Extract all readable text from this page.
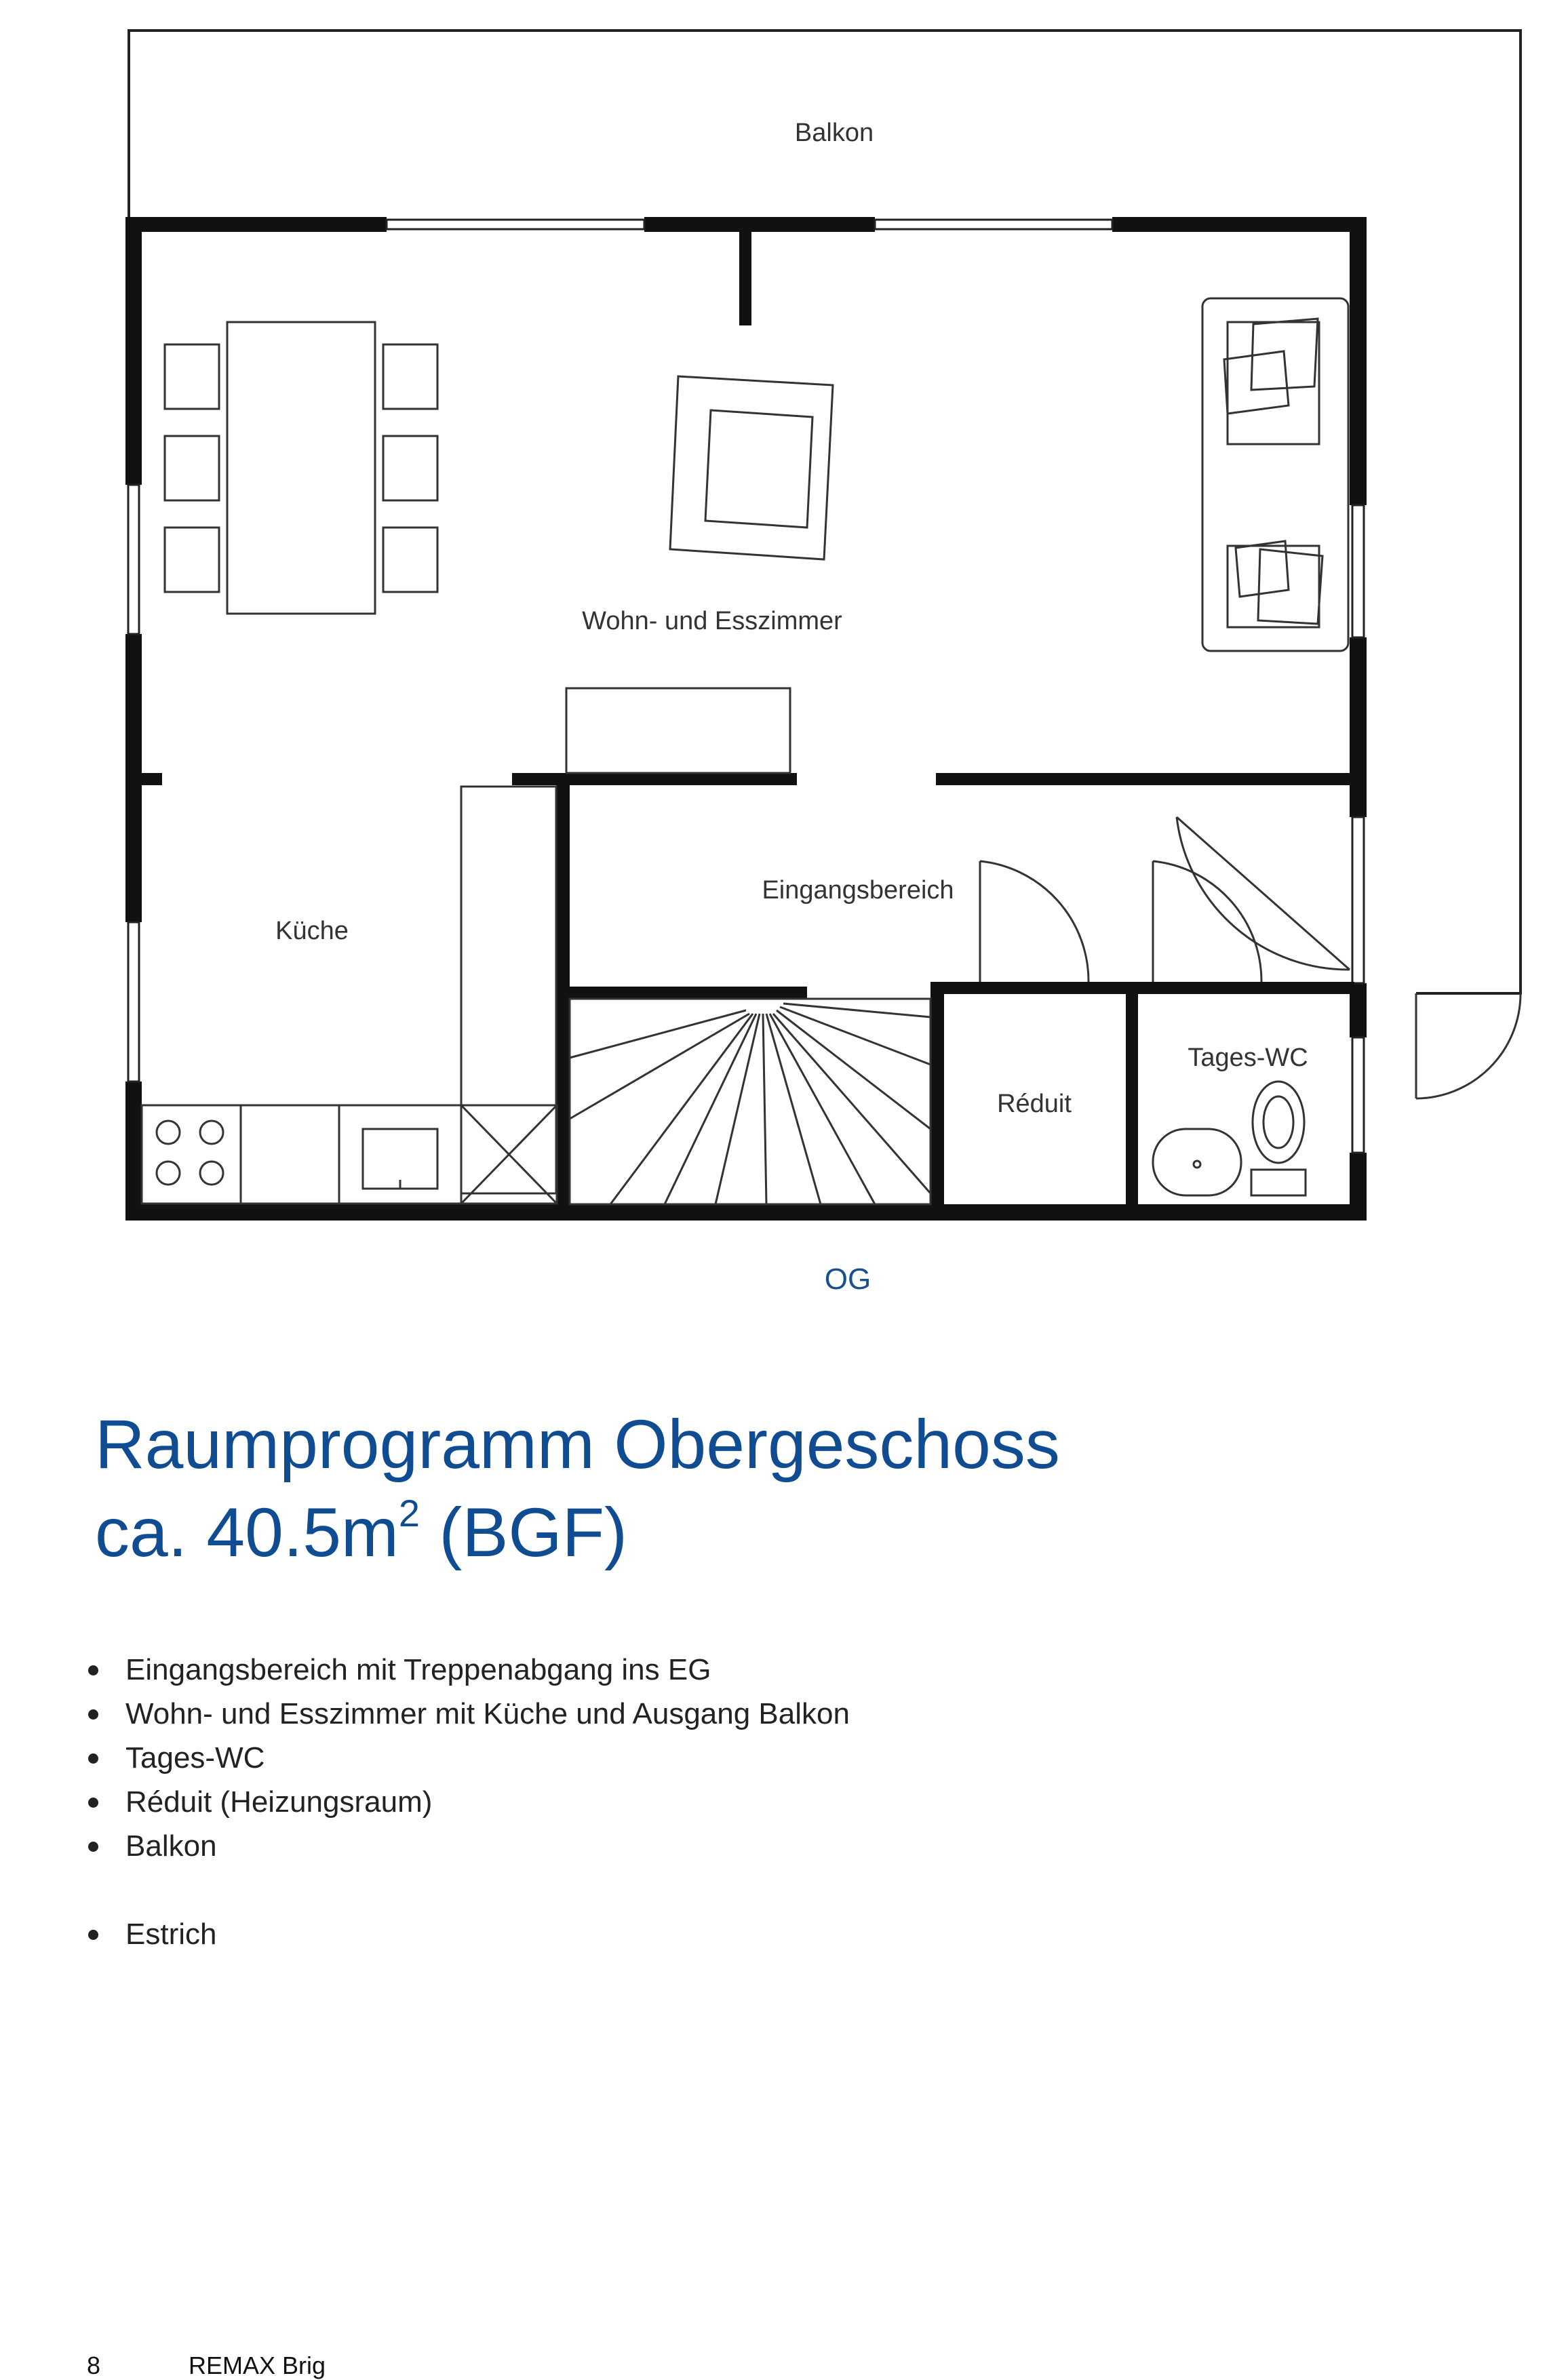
Balkon
Wohn- und Esszimmer
Küche
Eingangsbereich
Réduit
Tages-WC
OG
Raumprogramm Obergeschoss
ca. $40.5m^2$ (BGF)
Eingangsbereich mit Treppenabgang ins EG
Wohn- und Esszimmer mit Küche und Ausgang Balkon
Tages-WC
Réduit (Heizungsraum)
Balkon
Estrich
8	REMAX Brig
